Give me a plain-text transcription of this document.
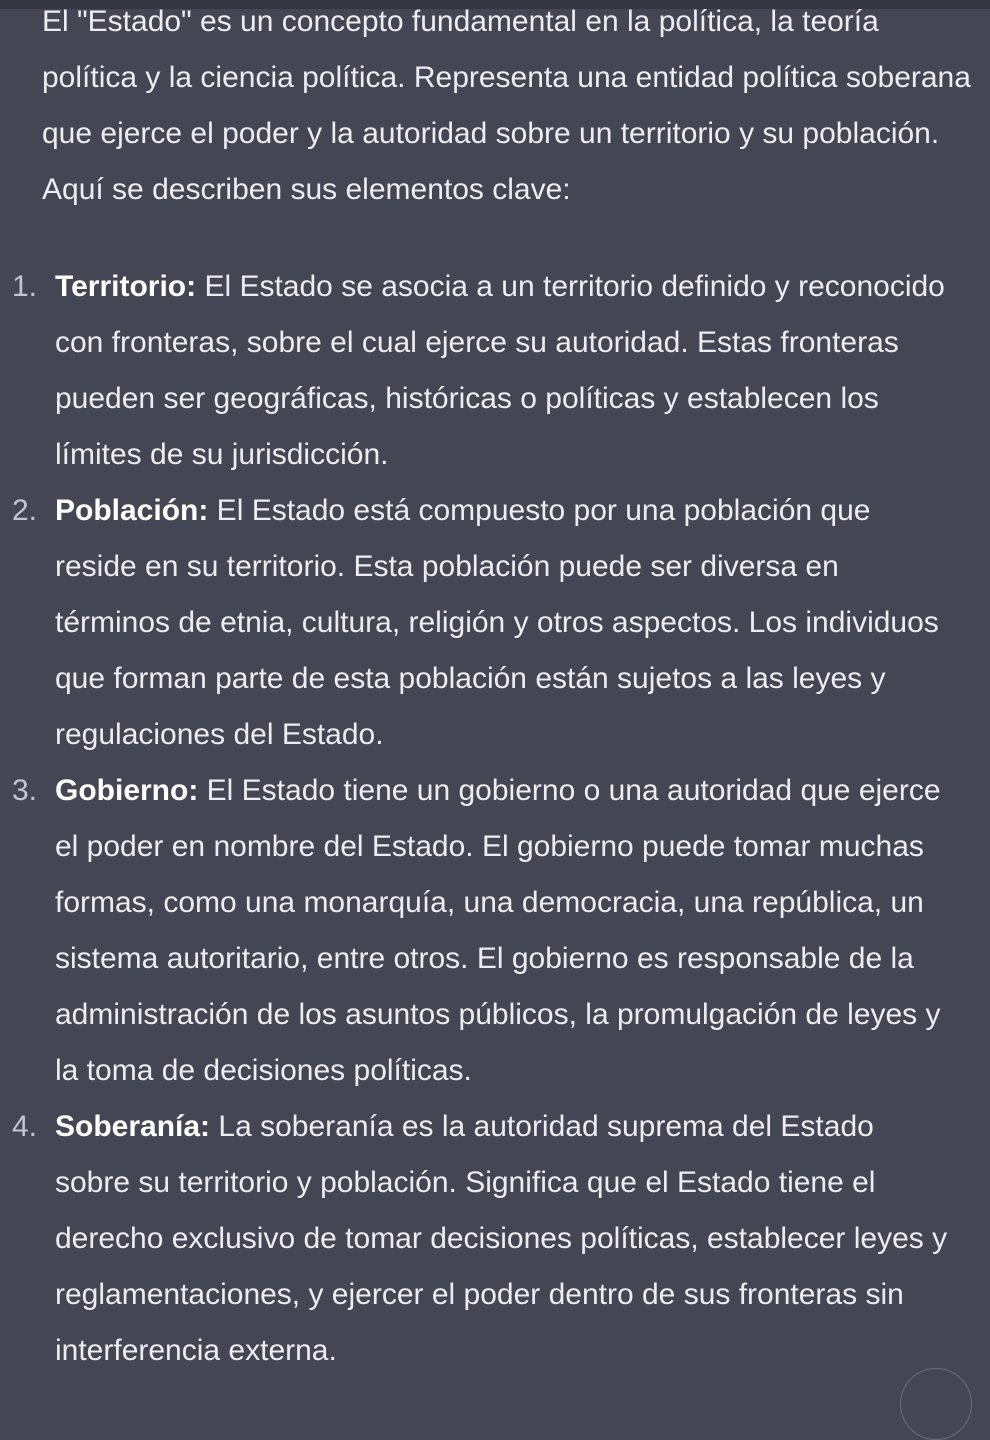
El "Estado" es un concepto fundamental en la política, la teoría política y la ciencia política. Representa una entidad política soberana que ejerce el poder y la autoridad sobre un territorio y su población. Aquí se describen sus elementos clave:

1. Territorio: El Estado se asocia a un territorio definido y reconocido con fronteras, sobre el cual ejerce su autoridad. Estas fronteras pueden ser geográficas, históricas o políticas y establecen los límites de su jurisdicción.
2. Población: El Estado está compuesto por una población que reside en su territorio. Esta población puede ser diversa en términos de etnia, cultura, religión y otros aspectos. Los individuos que forman parte de esta población están sujetos a las leyes y regulaciones del Estado.
3. Gobierno: El Estado tiene un gobierno o una autoridad que ejerce el poder en nombre del Estado. El gobierno puede tomar muchas formas, como una monarquía, una democracia, una república, un sistema autoritario, entre otros. El gobierno es responsable de la administración de los asuntos públicos, la promulgación de leyes y la toma de decisiones políticas.
4. Soberanía: La soberanía es la autoridad suprema del Estado sobre su territorio y población. Significa que el Estado tiene el derecho exclusivo de tomar decisiones políticas, establecer leyes y reglamentaciones, y ejercer el poder dentro de sus fronteras sin interferencia externa.
